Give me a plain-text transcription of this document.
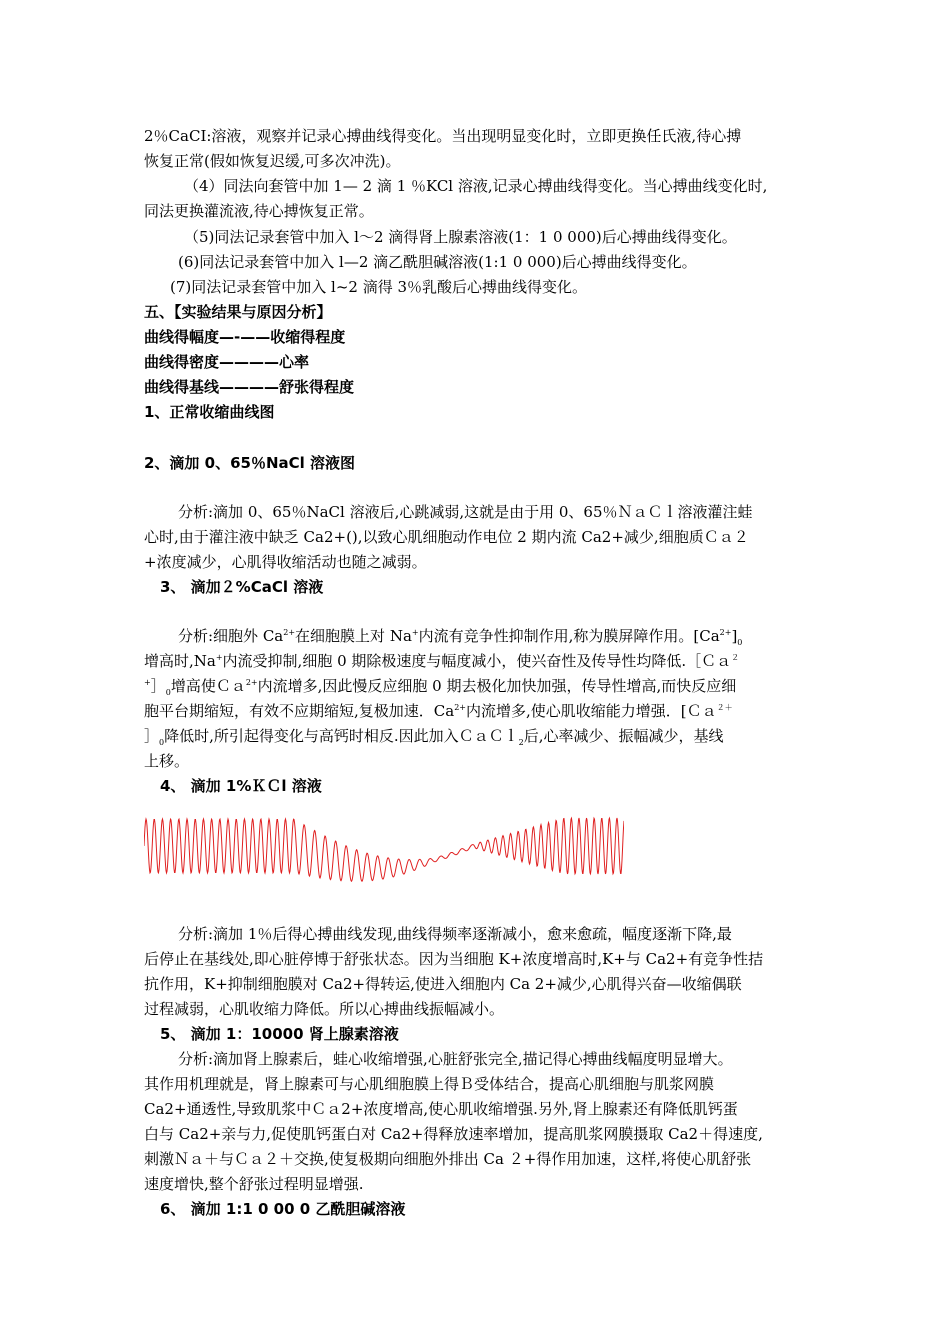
2％CaCI:溶液，观察并记录心搏曲线得变化。当出现明显变化时，立即更换任氏液,待心搏
恢复正常(假如恢复迟缓,可多次冲洗)。
（4）同法向套管中加 1— 2 滴 1 ％KCl 溶液,记录心搏曲线得变化。当心搏曲线变化时,
同法更换灌流液,待心搏恢复正常。
（5)同法记录套管中加入 l～2 滴得肾上腺素溶液(1：1 0 000)后心搏曲线得变化。
(6)同法记录套管中加入 l—2 滴乙酰胆碱溶液(1:1 0 000)后心搏曲线得变化。
(7)同法记录套管中加入 l~2 滴得 3％乳酸后心搏曲线得变化。
五、【实验结果与原因分析】
曲线得幅度—-——收缩得程度
曲线得密度————心率
曲线得基线————舒张得程度
1、正常收缩曲线图
2、滴加 0、65％NaCl 溶液图
分析:滴加 0、65％NaCl 溶液后,心跳减弱,这就是由于用 0、65％ＮａＣｌ溶液灌注蛙
心时,由于灌注液中缺乏 Ca2+(),以致心肌细胞动作电位 2 期内流 Ca2+减少,细胞质Ｃａ２
+浓度减少，心肌得收缩活动也随之减弱。
3、 滴加２%CaCl 溶液
分析:细胞外 $Ca^{2+}$在细胞膜上对 Na+内流有竞争性抑制作用,称为膜屏障作用。$[Ca^{2+}]_0$
增高时,Na+内流受抑制,细胞 0 期除极速度与幅度减小，使兴奋性及传导性均降低.［Ｃａ$^2$
$^+]_0$增高使Ｃａ$^{2+}$内流增多,因此慢反应细胞 0 期去极化加快加强，传导性增高,而快反应细
胞平台期缩短，有效不应期缩短,复极加速．$Ca^{2+}$内流增多,使心肌收缩能力增强．[Ｃａ$^{2+}$
$]_0$降低时,所引起得变化与高钙时相反.因此加入ＣａＣｌ$_2$后,心率减少、振幅减少，基线
上移。
4、 滴加 1%ＫＣl 溶液
分析:滴加 1％后得心搏曲线发现,曲线得频率逐渐减小，愈来愈疏，幅度逐渐下降,最
后停止在基线处,即心脏停博于舒张状态。因为当细胞 K+浓度增高时,K+与 Ca2+有竞争性拮
抗作用，K+抑制细胞膜对 Ca2+得转运,使进入细胞内 Ca 2+减少,心肌得兴奋—收缩偶联
过程减弱，心肌收缩力降低。所以心搏曲线振幅减小。
5、 滴加 1：10000 肾上腺素溶液
分析:滴加肾上腺素后，蛙心收缩增强,心脏舒张完全,描记得心搏曲线幅度明显增大。
其作用机理就是，肾上腺素可与心肌细胞膜上得Ｂ受体结合，提高心肌细胞与肌浆网膜
Ca2+通透性,导致肌浆中Ｃａ2+浓度增高,使心肌收缩增强.另外,肾上腺素还有降低肌钙蛋
白与 Ca2+亲与力,促使肌钙蛋白对 Ca2+得释放速率增加，提高肌浆网膜摄取 Ca2＋得速度,
刺激Ｎａ＋与Ｃａ２＋交换,使复极期向细胞外排出 Ca ２+得作用加速，这样,将使心肌舒张
速度增快,整个舒张过程明显增强.
6、 滴加 1:1 0 00 0 乙酰胆碱溶液
